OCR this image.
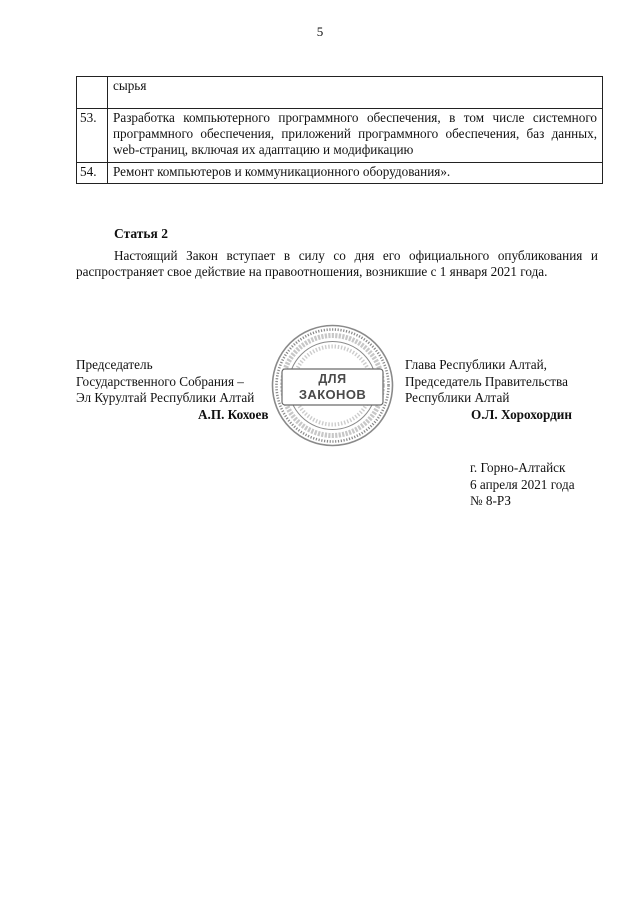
5
	сырья
53.	Разработка компьютерного программного обеспечения, в том числе системного программного обеспечения, приложений программного обеспечения, баз данных, web-страниц, включая их адаптацию и модификацию
54.	Ремонт компьютеров и коммуникационного оборудования».
Статья 2
Настоящий Закон вступает в силу со дня его официального опубликования и распространяет свое действие на правоотношения, возникшие с 1 января 2021 года.
Председатель
Государственного Собрания –
Эл Курултай Республики Алтай
А.П. Кохоев
Глава Республики Алтай,
Председатель Правительства
Республики Алтай
О.Л. Хорохордин
ДЛЯ
ЗАКОНОВ
г. Горно-Алтайск
6 апреля 2021 года
№ 8-РЗ
